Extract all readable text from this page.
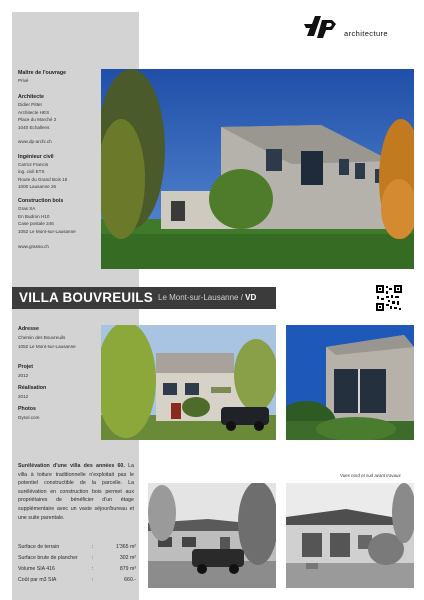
architecture
Maître de l'ouvrage
Privé
Architecte
Didier Pittet
Architecte HES
Place du Marché 2
1040 Echallens

www.dp-archi.ch
Ingénieur civil
Carroz Francis
ing. civil ETS
Route du Grand Bois 18
1000 Lausanne 26
Construction bois
Gras SA
En Budron H10
Case postale 246
1052 Le Mont-sur-Lausanne

www.grassa.ch
VILLA BOUVREUILS Le Mont-sur-Lausanne / VD
Adresse
Chemin des Bouvreuils
1052 Le Mont-sur-Lausanne
Projet
2012
Réalisation
2012
Photos
Dysol.com
Surélévation d'une villa des années 60. La villa à toiture traditionnelle n'exploitait pas le potentiel constructible de la parcelle. La surélévation en construction bois permet aux propriétaires de bénéficier d'un étage supplémentaire avec un vaste séjour/bureau et une suite parentale.
Surface de terrain	:	1'365 m²
Surface brute de plancher	:	302 m²
Volume SIA 416	:	879 m³
Coût par m3 SIA	:	660.-
Vues nord et sud avant travaux
